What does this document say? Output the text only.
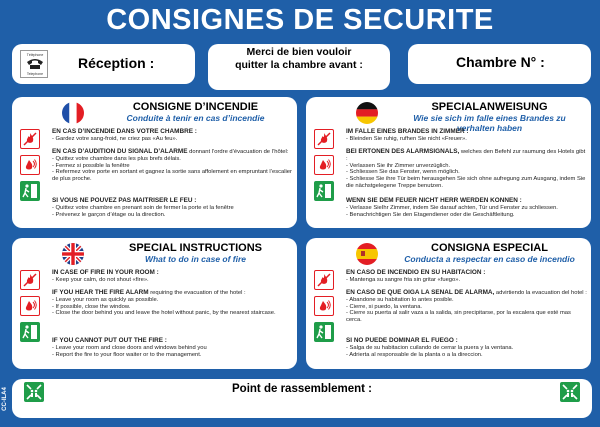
CONSIGNES DE SECURITE
Téléphone
Telephone
Réception :
Merci de bien vouloir
quitter la chambre avant :	Chambre N° :
CONSIGNE D’INCENDIE
Conduite à tenir en cas d’incendie
EN CAS D’INCENDIE DANS VOTRE CHAMBRE :
- Gardez votre sang-froid, ne criez pas «Au feu».
EN CAS D’AUDITION DU SIGNAL D’ALARME donnant l’ordre d’évacuation de l’hôtel:
- Quittez votre chambre dans les plus brefs délais.
- Fermez si possible la fenêtre
- Refermez votre porte en sortant et gagnez la sortie sans affolement en empruntant l’escalier de plus proche.
SI VOUS NE POUVEZ PAS MAITRISER LE FEU :
- Quittez votre chambre en prenant soin de fermer la porte et la fenêtre
- Prévenez le garçon d’étage ou la direction.
SPECIALANWEISUNG
Wie sie sich im falle eines Brandes zu verhalten haben
IM FALLE EINES BRANDES IN ZIMMER :
- Bleinden Sie ruhig, rufhen Sie nicht «Freuer».
BEI ERTONEN DES ALARMSIGNALS, welches den Befehl zur raumung des Hotels gibt :
- Verlassen Sie ihr Zimmer unverzüglich.
- Schliessen Sie das Fenster, wenn möglich.
- Schliesse Sie ihre Tür beim herausgehen Sie sich ohne aufregung zum Ausgang, indem Sie die nächstgelegene Treppe benutzen.
WENN SIE DEM FEUER NICHT HERR WERDEN KONNEN :
- Verlasse SieIhr Zimmer, indem Sie darauf achten, Tür und Fenster zu schliessen.
- Benachrichtigen Sie den Etagendiener oder die Geschäftleitung.
SPECIAL INSTRUCTIONS
What to do in case of fire
IN CASE OF FIRE IN YOUR ROOM :
- Keep your calm, do not shout «fire».
IF YOU HEAR THE FIRE ALARM requiring the evacuation of the hotel :
- Leave your room as quickly as possible.
- If possible, close the window.
- Close the door behind you and leave the hotel without panic, by the nearest staircase.
IF YOU CANNOT PUT OUT THE FIRE :
- Leave your room and close doors and windows behind you
- Report the fire to your floor waiter or to the management.
CONSIGNA ESPECIAL
Conducta a respectar en caso de incendio
EN CASO DE INCENDIO EN SU HABITACION :
- Mantenga su sangre fria sin gritar «fuego».
EN CASO DE QUE OIGA LA SENAL DE ALARMA, advirtiendo la evacuation del hotel :
- Abandone su habitation lo antes posible.
- Cierre, si puedo, la ventana.
- Cierre su puerta al salir vaza a la salida, sin precipitarse, por la escalera que esté mas cerca.
SI NO PUEDE DOMINAR EL FUEGO :
- Salga de su habitacion cuilando de cerrar la puera y la ventana.
- Adrierta al responsable de la planta o a la direccion.
CC-ILA4	Point de rassemblement :
